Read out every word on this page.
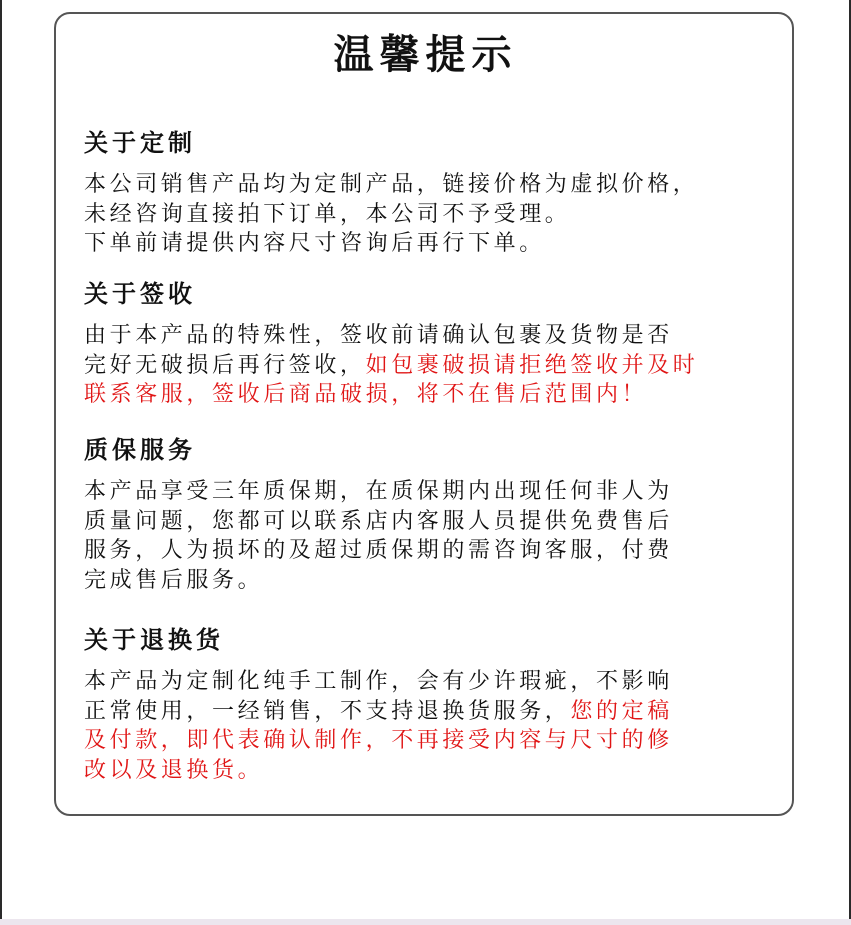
温馨提示
关于定制

本公司销售产品均为定制产品，链接价格为虚拟价格，
未经咨询直接拍下订单，本公司不予受理。
下单前请提供内容尺寸咨询后再行下单。

关于签收

由于本产品的特殊性，签收前请确认包裹及货物是否
完好无破损后再行签收，如包裹破损请拒绝签收并及时
联系客服，签收后商品破损，将不在售后范围内！

质保服务

本产品享受三年质保期，在质保期内出现任何非人为
质量问题，您都可以联系店内客服人员提供免费售后
服务，人为损坏的及超过质保期的需咨询客服，付费
完成售后服务。

关于退换货

本产品为定制化纯手工制作，会有少许瑕疵，不影响
正常使用，一经销售，不支持退换货服务，您的定稿
及付款，即代表确认制作，不再接受内容与尺寸的修
改以及退换货。
